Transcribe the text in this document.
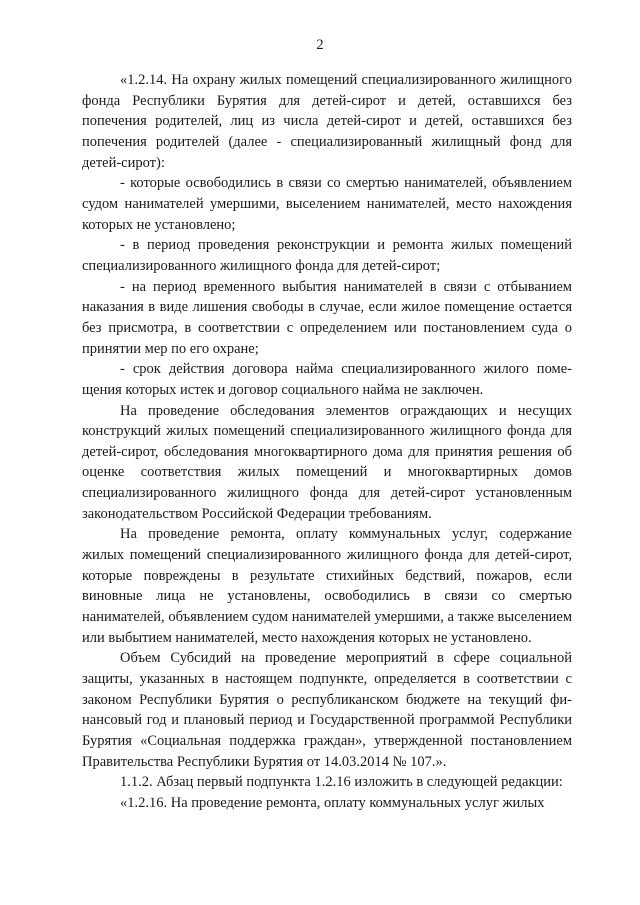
2

«1.2.14. На охрану жилых помещений специализированного жилищного фонда Республики Бурятия для детей-сирот и детей, оставшихся без попечения родителей, лиц из числа детей-сирот и детей, оставшихся без попечения родителей (далее - специализированный жилищный фонд для детей-сирот):

- которые освободились в связи со смертью нанимателей, объявлением судом нанимателей умершими, выселением нанимателей, место нахождения которых не установлено;

- в период проведения реконструкции и ремонта жилых помещений специализированного жилищного фонда для детей-сирот;

- на период временного выбытия нанимателей в связи с отбыванием наказания в виде лишения свободы в случае, если жилое помещение остается без присмотра, в соответствии с определением или постановлением суда о принятии мер по его охране;

- срок действия договора найма специализированного жилого помещения которых истек и договор социального найма не заключен.

На проведение обследования элементов ограждающих и несущих конструкций жилых помещений специализированного жилищного фонда для детей-сирот, обследования многоквартирного дома для принятия решения об оценке соответствия жилых помещений и многоквартирных домов специализированного жилищного фонда для детей-сирот установленным законодательством Российской Федерации требованиям.

На проведение ремонта, оплату коммунальных услуг, содержание жилых помещений специализированного жилищного фонда для детей-сирот, которые повреждены в результате стихийных бедствий, пожаров, если виновные лица не установлены, освободились в связи со смертью нанимателей, объявлением судом нанимателей умершими, а также выселением или выбытием нанимателей, место нахождения которых не установлено.

Объем Субсидий на проведение мероприятий в сфере социальной защиты, указанных в настоящем подпункте, определяется в соответствии с законом Республики Бурятия о республиканском бюджете на текущий финансовый год и плановый период и Государственной программой Республики Бурятия «Социальная поддержка граждан», утвержденной постановлением Правительства Республики Бурятия от 14.03.2014 № 107.».

1.1.2. Абзац первый подпункта 1.2.16 изложить в следующей редакции:

«1.2.16. На проведение ремонта, оплату коммунальных услуг жилых
